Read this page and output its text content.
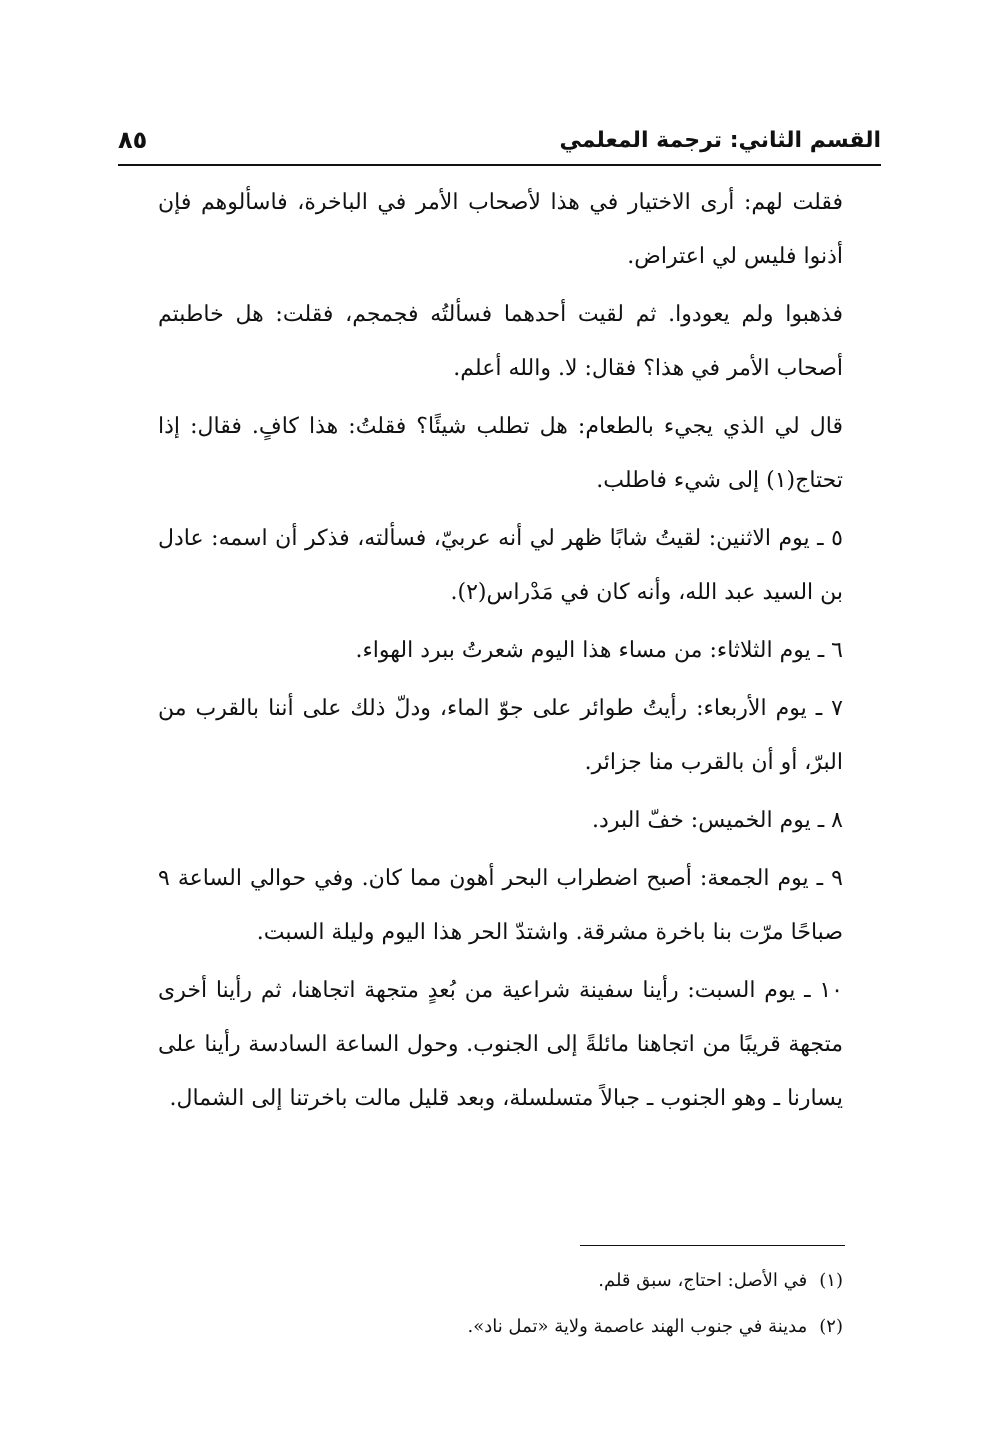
القسم الثاني: ترجمة المعلمي
٨٥

فقلت لهم: أرى الاختيار في هذا لأصحاب الأمر في الباخرة، فاسألوهم فإن أذنوا فليس لي اعتراض.

فذهبوا ولم يعودوا. ثم لقيت أحدهما فسألتُه فجمجم، فقلت: هل خاطبتم أصحاب الأمر في هذا؟ فقال: لا. والله أعلم.

قال لي الذي يجيء بالطعام: هل تطلب شيئًا؟ فقلتُ: هذا كافٍ. فقال: إذا تحتاج(١) إلى شيء فاطلب.

٥ ـ يوم الاثنين: لقيتُ شابًا ظهر لي أنه عربيّ، فسألته، فذكر أن اسمه: عادل بن السيد عبد الله، وأنه كان في مَدْراس(٢).

٦ ـ يوم الثلاثاء: من مساء هذا اليوم شعرتُ ببرد الهواء.

٧ ـ يوم الأربعاء: رأيتُ طوائر على جوّ الماء، ودلّ ذلك على أننا بالقرب من البرّ، أو أن بالقرب منا جزائر.

٨ ـ يوم الخميس: خفّ البرد.

٩ ـ يوم الجمعة: أصبح اضطراب البحر أهون مما كان. وفي حوالي الساعة ٩ صباحًا مرّت بنا باخرة مشرقة. واشتدّ الحر هذا اليوم وليلة السبت.

١٠ ـ يوم السبت: رأينا سفينة شراعية من بُعدٍ متجهة اتجاهنا، ثم رأينا أخرى متجهة قريبًا من اتجاهنا مائلةً إلى الجنوب. وحول الساعة السادسة رأينا على يسارنا ـ وهو الجنوب ـ جبالاً متسلسلة، وبعد قليل مالت باخرتنا إلى الشمال.

(١)
في الأصل: احتاج، سبق قلم.
(٢)
مدينة في جنوب الهند عاصمة ولاية «تمل ناد».
